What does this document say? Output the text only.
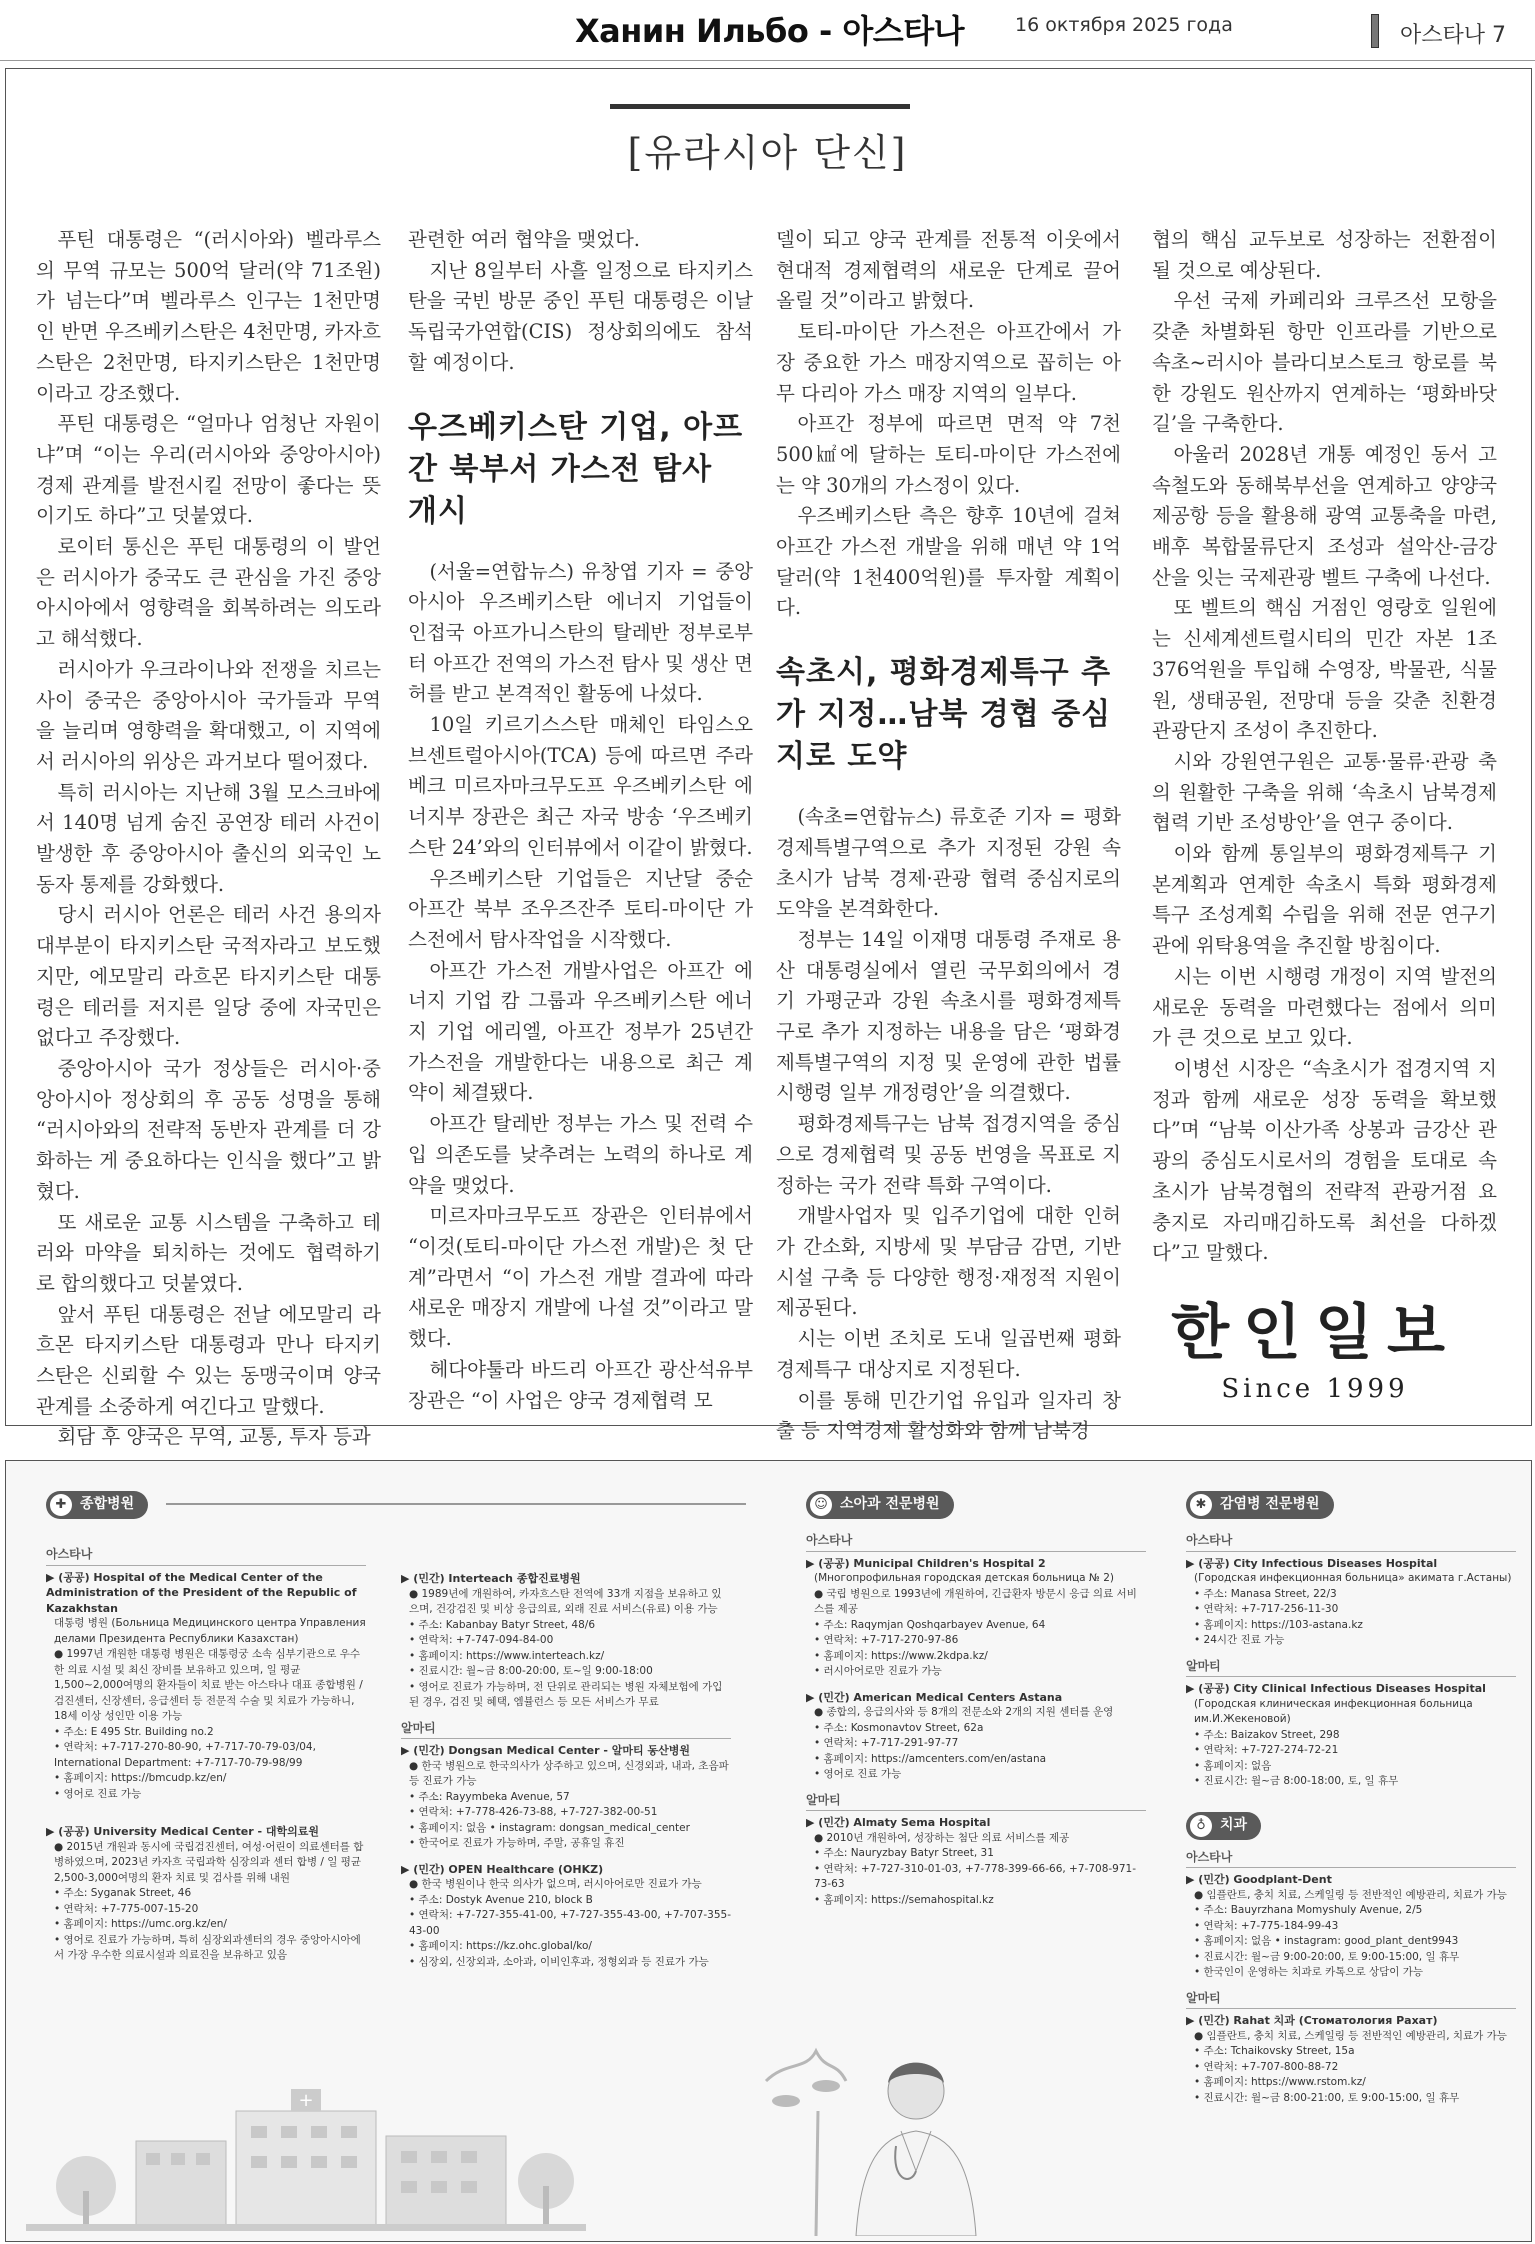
Ханин Ильбо - 아스타나	16 октября 2025 года	아스타나 7
[유라시아 단신]

푸틴 대통령은 “(러시아와) 벨라루스의 무역 규모는 500억 달러(약 71조원)가 넘는다”며 벨라루스 인구는 1천만명인 반면 우즈베키스탄은 4천만명, 카자흐스탄은 2천만명, 타지키스탄은 1천만명이라고 강조했다.

푸틴 대통령은 “얼마나 엄청난 자원이냐”며 “이는 우리(러시아와 중앙아시아) 경제 관계를 발전시킬 전망이 좋다는 뜻이기도 하다”고 덧붙였다.

로이터 통신은 푸틴 대통령의 이 발언은 러시아가 중국도 큰 관심을 가진 중앙아시아에서 영향력을 회복하려는 의도라고 해석했다.

러시아가 우크라이나와 전쟁을 치르는 사이 중국은 중앙아시아 국가들과 무역을 늘리며 영향력을 확대했고, 이 지역에서 러시아의 위상은 과거보다 떨어졌다.

특히 러시아는 지난해 3월 모스크바에서 140명 넘게 숨진 공연장 테러 사건이 발생한 후 중앙아시아 출신의 외국인 노동자 통제를 강화했다.

당시 러시아 언론은 테러 사건 용의자 대부분이 타지키스탄 국적자라고 보도했지만, 에모말리 라흐몬 타지키스탄 대통령은 테러를 저지른 일당 중에 자국민은 없다고 주장했다.

중앙아시아 국가 정상들은 러시아·중앙아시아 정상회의 후 공동 성명을 통해 “러시아와의 전략적 동반자 관계를 더 강화하는 게 중요하다는 인식을 했다”고 밝혔다.

또 새로운 교통 시스템을 구축하고 테러와 마약을 퇴치하는 것에도 협력하기로 합의했다고 덧붙였다.

앞서 푸틴 대통령은 전날 에모말리 라흐몬 타지키스탄 대통령과 만나 타지키스탄은 신뢰할 수 있는 동맹국이며 양국 관계를 소중하게 여긴다고 말했다.

회담 후 양국은 무역, 교통, 투자 등과

관련한 여러 협약을 맺었다.

지난 8일부터 사흘 일정으로 타지키스탄을 국빈 방문 중인 푸틴 대통령은 이날 독립국가연합(CIS) 정상회의에도 참석할 예정이다.

우즈베키스탄 기업, 아프간 북부서 가스전 탐사 개시

(서울=연합뉴스) 유창엽 기자 = 중앙아시아 우즈베키스탄 에너지 기업들이 인접국 아프가니스탄의 탈레반 정부로부터 아프간 전역의 가스전 탐사 및 생산 면허를 받고 본격적인 활동에 나섰다.

10일 키르기스스탄 매체인 타임스오브센트럴아시아(TCA) 등에 따르면 주라베크 미르자마크무도프 우즈베키스탄 에너지부 장관은 최근 자국 방송 ‘우즈베키스탄 24’와의 인터뷰에서 이같이 밝혔다.

우즈베키스탄 기업들은 지난달 중순 아프간 북부 조우즈잔주 토티-마이단 가스전에서 탐사작업을 시작했다.

아프간 가스전 개발사업은 아프간 에너지 기업 캄 그룹과 우즈베키스탄 에너지 기업 에리엘, 아프간 정부가 25년간 가스전을 개발한다는 내용으로 최근 계약이 체결됐다.

아프간 탈레반 정부는 가스 및 전력 수입 의존도를 낮추려는 노력의 하나로 계약을 맺었다.

미르자마크무도프 장관은 인터뷰에서 “이것(토티-마이단 가스전 개발)은 첫 단계”라면서 “이 가스전 개발 결과에 따라 새로운 매장지 개발에 나설 것”이라고 말했다.

헤다야툴라 바드리 아프간 광산석유부 장관은 “이 사업은 양국 경제협력 모

델이 되고 양국 관계를 전통적 이웃에서 현대적 경제협력의 새로운 단계로 끌어올릴 것”이라고 밝혔다.

토티-마이단 가스전은 아프간에서 가장 중요한 가스 매장지역으로 꼽히는 아무 다리아 가스 매장 지역의 일부다.

아프간 정부에 따르면 면적 약 7천500㎢에 달하는 토티-마이단 가스전에는 약 30개의 가스정이 있다.

우즈베키스탄 측은 향후 10년에 걸쳐 아프간 가스전 개발을 위해 매년 약 1억달러(약 1천400억원)를 투자할 계획이다.

속초시, 평화경제특구 추가 지정…남북 경협 중심지로 도약

(속초=연합뉴스) 류호준 기자 = 평화경제특별구역으로 추가 지정된 강원 속초시가 남북 경제·관광 협력 중심지로의 도약을 본격화한다.

정부는 14일 이재명 대통령 주재로 용산 대통령실에서 열린 국무회의에서 경기 가평군과 강원 속초시를 평화경제특구로 추가 지정하는 내용을 담은 ‘평화경제특별구역의 지정 및 운영에 관한 법률 시행령 일부 개정령안’을 의결했다.

평화경제특구는 남북 접경지역을 중심으로 경제협력 및 공동 번영을 목표로 지정하는 국가 전략 특화 구역이다.

개발사업자 및 입주기업에 대한 인허가 간소화, 지방세 및 부담금 감면, 기반 시설 구축 등 다양한 행정·재정적 지원이 제공된다.

시는 이번 조치로 도내 일곱번째 평화경제특구 대상지로 지정된다.

이를 통해 민간기업 유입과 일자리 창출 등 지역경제 활성화와 함께 남북경

협의 핵심 교두보로 성장하는 전환점이 될 것으로 예상된다.

우선 국제 카페리와 크루즈선 모항을 갖춘 차별화된 항만 인프라를 기반으로 속초~러시아 블라디보스토크 항로를 북한 강원도 원산까지 연계하는 ‘평화바닷길’을 구축한다.

아울러 2028년 개통 예정인 동서 고속철도와 동해북부선을 연계하고 양양국제공항 등을 활용해 광역 교통축을 마련, 배후 복합물류단지 조성과 설악산-금강산을 잇는 국제관광 벨트 구축에 나선다.

또 벨트의 핵심 거점인 영랑호 일원에는 신세계센트럴시티의 민간 자본 1조 376억원을 투입해 수영장, 박물관, 식물원, 생태공원, 전망대 등을 갖춘 친환경 관광단지 조성이 추진한다.

시와 강원연구원은 교통·물류·관광 축의 원활한 구축을 위해 ‘속초시 남북경제협력 기반 조성방안’을 연구 중이다.

이와 함께 통일부의 평화경제특구 기본계획과 연계한 속초시 특화 평화경제특구 조성계획 수립을 위해 전문 연구기관에 위탁용역을 추진할 방침이다.

시는 이번 시행령 개정이 지역 발전의 새로운 동력을 마련했다는 점에서 의미가 큰 것으로 보고 있다.

이병선 시장은 “속초시가 접경지역 지정과 함께 새로운 성장 동력을 확보했다”며 “남북 이산가족 상봉과 금강산 관광의 중심도시로서의 경험을 토대로 속초시가 남북경협의 전략적 관광거점 요충지로 자리매김하도록 최선을 다하겠다”고 말했다.

한인일보
Since 1999
✚ 종합병원
아스타나
▶ (공공) Hospital of the Medical Center of the Administration of the President of the Republic of Kazakhstan
대통령 병원 (Больница Медицинского центра Управления делами Президента Республики Казахстан)
● 1997년 개원한 대통령 병원은 대통령궁 소속 심부기관으로 우수한 의료 시설 및 최신 장비를 보유하고 있으며, 일 평균 1,500~2,000여명의 환자들이 치료 받는 아스타나 대표 종합병원 / 검진센터, 신장센터, 응급센터 등 전문적 수술 및 치료가 가능하니, 18세 이상 성인만 이용 가능
• 주소: E 495 Str. Building no.2
• 연락처: +7-717-270-80-90, +7-717-70-79-03/04, International Department: +7-717-70-79-98/99
• 홈페이지: https://bmcudp.kz/en/
• 영어로 진료 가능
▶ (공공) University Medical Center - 대학의료원
● 2015년 개원과 동시에 국립검진센터, 여성·어린이 의료센터를 합병하였으며, 2023년 카자흐 국립과학 심장의과 센터 합병 / 일 평균 2,500-3,000여명의 환자 치료 및 검사를 위해 내원
• 주소: Syganak Street, 46
• 연락처: +7-775-007-15-20
• 홈페이지: https://umc.org.kz/en/
• 영어로 진료가 가능하며, 특히 심장외과센터의 경우 중앙아시아에서 가장 우수한 의료시설과 의료진을 보유하고 있음
▶ (민간) Interteach 종합진료병원
● 1989년에 개원하여, 카자흐스탄 전역에 33개 지점을 보유하고 있으며, 건강검진 및 비상 응급의료, 외래 진료 서비스(유료) 이용 가능
• 주소: Kabanbay Batyr Street, 48/6
• 연락처: +7-747-094-84-00
• 홈페이지: https://www.interteach.kz/
• 진료시간: 월~금 8:00-20:00, 토~일 9:00-18:00
• 영어로 진료가 가능하며, 전 단위로 관리되는 병원 자체보험에 가입된 경우, 검진 및 혜택, 엠뷸런스 등 모든 서비스가 무료
알마티
▶ (민간) Dongsan Medical Center - 알마티 동산병원
● 한국 병원으로 한국의사가 상주하고 있으며, 신경외과, 내과, 초음파 등 진료가 가능
• 주소: Rayymbeka Avenue, 57
• 연락처: +7-778-426-73-88, +7-727-382-00-51
• 홈페이지: 없음 • instagram: dongsan_medical_center
• 한국어로 진료가 가능하며, 주말, 공휴일 휴진
▶ (민간) OPEN Healthcare (OHKZ)
● 한국 병원이나 한국 의사가 없으며, 러시아어로만 진료가 가능
• 주소: Dostyk Avenue 210, block B
• 연락처: +7-727-355-41-00, +7-727-355-43-00, +7-707-355-43-00
• 홈페이지: https://kz.ohc.global/ko/
• 심장외, 신장외과, 소아과, 이비인후과, 정형외과 등 진료가 가능
☺ 소아과 전문병원
아스타나
▶ (공공) Municipal Children's Hospital 2
(Многопрофильная городская детская больница № 2)
● 국립 병원으로 1993년에 개원하여, 긴급환자 방문시 응급 의료 서비스를 제공
• 주소: Raqymjan Qoshqarbayev Avenue, 64
• 연락처: +7-717-270-97-86
• 홈페이지: https://www.2kdpa.kz/
• 러시아어로만 진료가 가능
▶ (민간) American Medical Centers Astana
● 종합의, 응급의사와 등 8개의 전문소와 2개의 지원 센터를 운영
• 주소: Kosmonavtov Street, 62a
• 연락처: +7-717-291-97-77
• 홈페이지: https://amcenters.com/en/astana
• 영어로 진료 가능
알마티
▶ (민간) Almaty Sema Hospital
● 2010년 개원하여, 성장하는 첨단 의료 서비스를 제공
• 주소: Nauryzbay Batyr Street, 31
• 연락처: +7-727-310-01-03, +7-778-399-66-66, +7-708-971-73-63
• 홈페이지: https://semahospital.kz
✱ 감염병 전문병원
아스타나
▶ (공공) City Infectious Diseases Hospital
(Городская инфекционная больница» акимата г.Астаны)
• 주소: Manasa Street, 22/3
• 연락처: +7-717-256-11-30
• 홈페이지: https://103-astana.kz
• 24시간 진료 가능
알마티
▶ (공공) City Clinical Infectious Diseases Hospital
(Городская клиническая инфекционная больница им.И.Жекеновой)
• 주소: Baizakov Street, 298
• 연락처: +7-727-274-72-21
• 홈페이지: 없음
• 진료시간: 월~금 8:00-18:00, 토, 일 휴무
♁	치과
아스타나
▶ (민간) Goodplant-Dent
● 임플란트, 충치 치료, 스케일링 등 전반적인 예방관리, 치료가 가능
• 주소: Bauyrzhana Momyshuly Avenue, 2/5
• 연락처: +7-775-184-99-43
• 홈페이지: 없음 • instagram: good_plant_dent9943
• 진료시간: 월~금 9:00-20:00, 토 9:00-15:00, 일 휴무
• 한국인이 운영하는 치과로 카톡으로 상담이 가능
알마티
▶ (민간) Rahat 치과 (Стоматология Рахат)
● 임플란트, 충치 치료, 스케일링 등 전반적인 예방관리, 치료가 가능
• 주소: Tchaikovsky Street, 15a
• 연락처: +7-707-800-88-72
• 홈페이지: https://www.rstom.kz/
• 진료시간: 월~금 8:00-21:00, 토 9:00-15:00, 일 휴무
+
